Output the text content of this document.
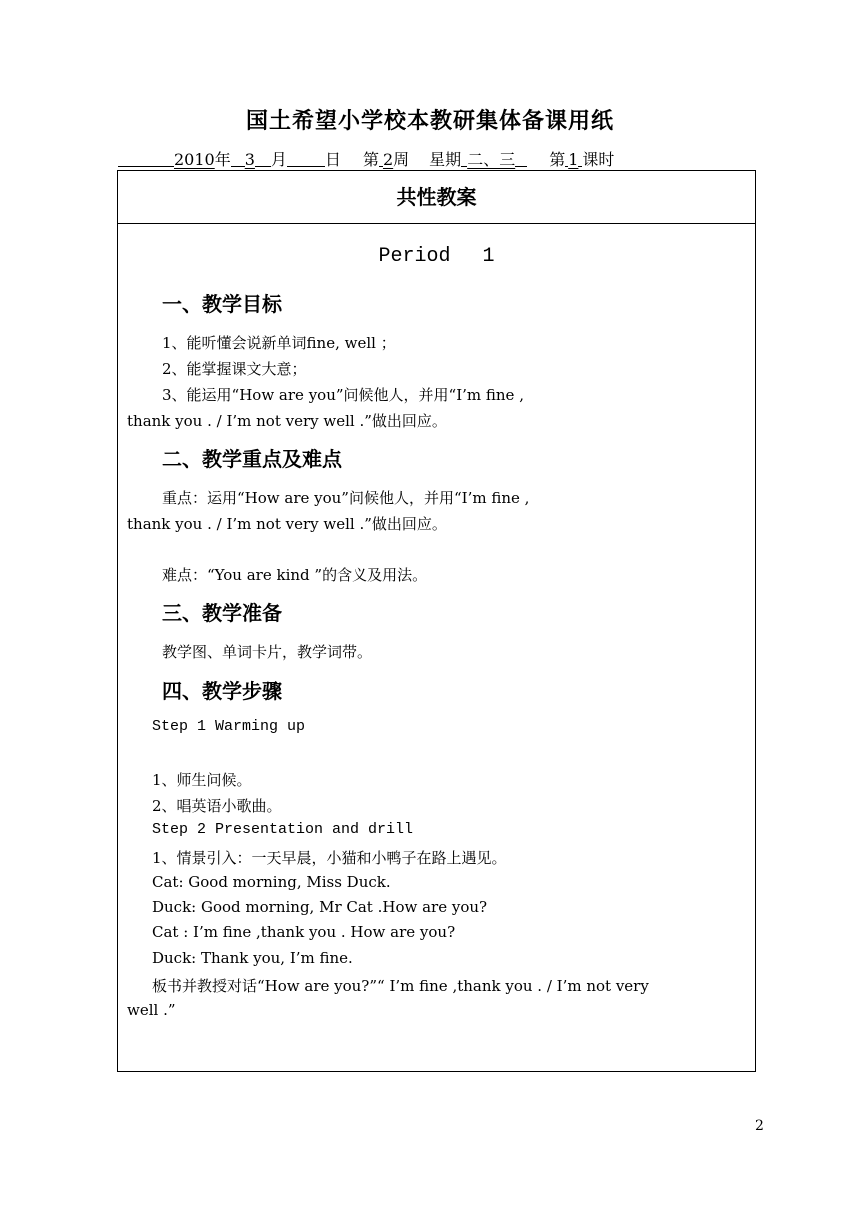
国土希望小学校本教研集体备课用纸
2010年 3 月 日 第 2周 星期 二、三 第 1 课时
共性教案
Period　 1
一、教学目标
1、能听懂会说新单词fine, well ；
2、能掌握课文大意；
3、能运用“How are you”问候他人，并用“I’m fine ,
thank you . / I’m not very well .”做出回应。
二、教学重点及难点
重点：运用“How are you”问候他人，并用“I’m fine ,
thank you . / I’m not very well .”做出回应。
难点：“You are kind ”的含义及用法。
三、教学准备
教学图、单词卡片，教学词带。
四、教学步骤
Step 1 Warming up
1、师生问候。
2、唱英语小歌曲。
Step 2 Presentation and drill
1、情景引入：一天早晨，小猫和小鸭子在路上遇见。
Cat: Good morning, Miss Duck.
Duck: Good morning, Mr Cat .How are you?
Cat : I’m fine ,thank you . How are you?
Duck: Thank you, I’m fine.
板书并教授对话“How are you?”“ I’m fine ,thank you . / I’m not very
well .”
2
